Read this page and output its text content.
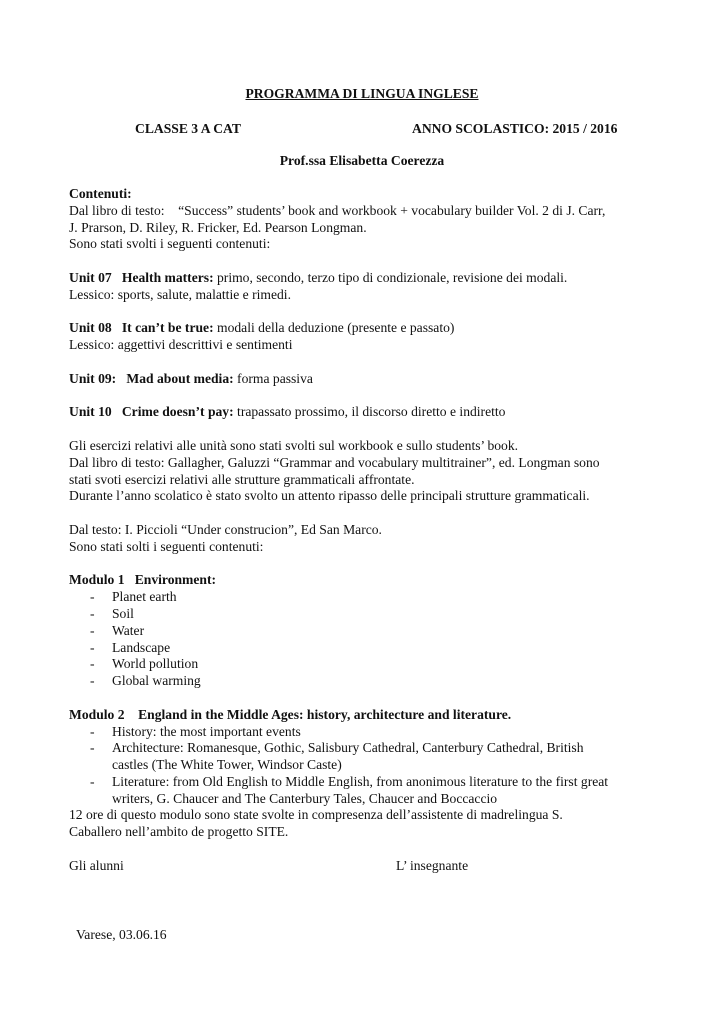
PROGRAMMA DI LINGUA INGLESE
CLASSE 3 A CAT	ANNO SCOLASTICO: 2015 / 2016
Prof.ssa Elisabetta Coerezza

Contenuti:

Dal libro di testo:    “Success” students’ book and workbook + vocabulary builder Vol. 2 di J. Carr,

J. Prarson, D. Riley, R. Fricker, Ed. Pearson Longman.

Sono stati svolti i seguenti contenuti:

Unit 07   Health matters: primo, secondo, terzo tipo di condizionale, revisione dei modali.

Lessico: sports, salute, malattie e rimedi.

Unit 08   It can’t be true: modali della deduzione (presente e passato)

Lessico: aggettivi descrittivi e sentimenti

Unit 09:   Mad about media: forma passiva

Unit 10   Crime doesn’t pay: trapassato prossimo, il discorso diretto e indiretto

Gli esercizi relativi alle unità sono stati svolti sul workbook e sullo students’ book.

Dal libro di testo: Gallagher, Galuzzi “Grammar and vocabulary multitrainer”, ed. Longman sono

stati svoti esercizi relativi alle strutture grammaticali affrontate.

Durante l’anno scolatico è stato svolto un attento ripasso delle principali strutture grammaticali.

Dal testo: I. Piccioli “Under construcion”, Ed San Marco.

Sono stati solti i seguenti contenuti:

Modulo 1   Environment:

- Planet earth
- Soil
- Water
- Landscape
- World pollution
- Global warming

Modulo 2    England in the Middle Ages: history, architecture and literature.

- History: the most important events
- Architecture: Romanesque, Gothic, Salisbury Cathedral, Canterbury Cathedral, British
castles (The White Tower, Windsor Caste)
- Literature: from Old English to Middle English, from anonimous literature to the first great
writers, G. Chaucer and The Canterbury Tales, Chaucer and Boccaccio

12 ore di questo modulo sono state svolte in compresenza dell’assistente di madrelingua S.

Caballero nell’ambito de progetto SITE.

Gli alunni	L’ insegnante
Varese, 03.06.16
